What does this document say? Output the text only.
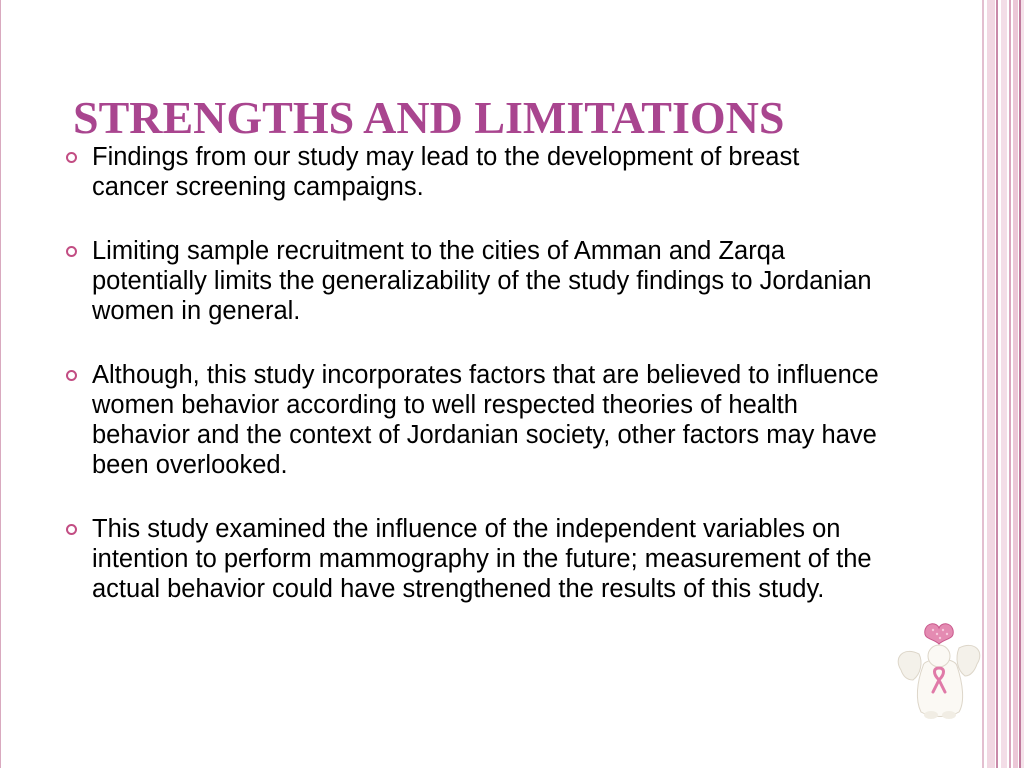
STRENGTHS AND LIMITATIONS
Findings from our study may lead to the development of breast cancer screening campaigns.
Limiting sample recruitment to the cities of Amman and Zarqa potentially limits the generalizability of the study findings to Jordanian women in general.
Although, this study incorporates factors that are believed to influence women behavior according to well respected theories of health behavior and the context of Jordanian society, other factors may have been overlooked.
This study examined the influence of the independent variables on intention to perform mammography in the future; measurement of the actual behavior could have strengthened the results of this study.
